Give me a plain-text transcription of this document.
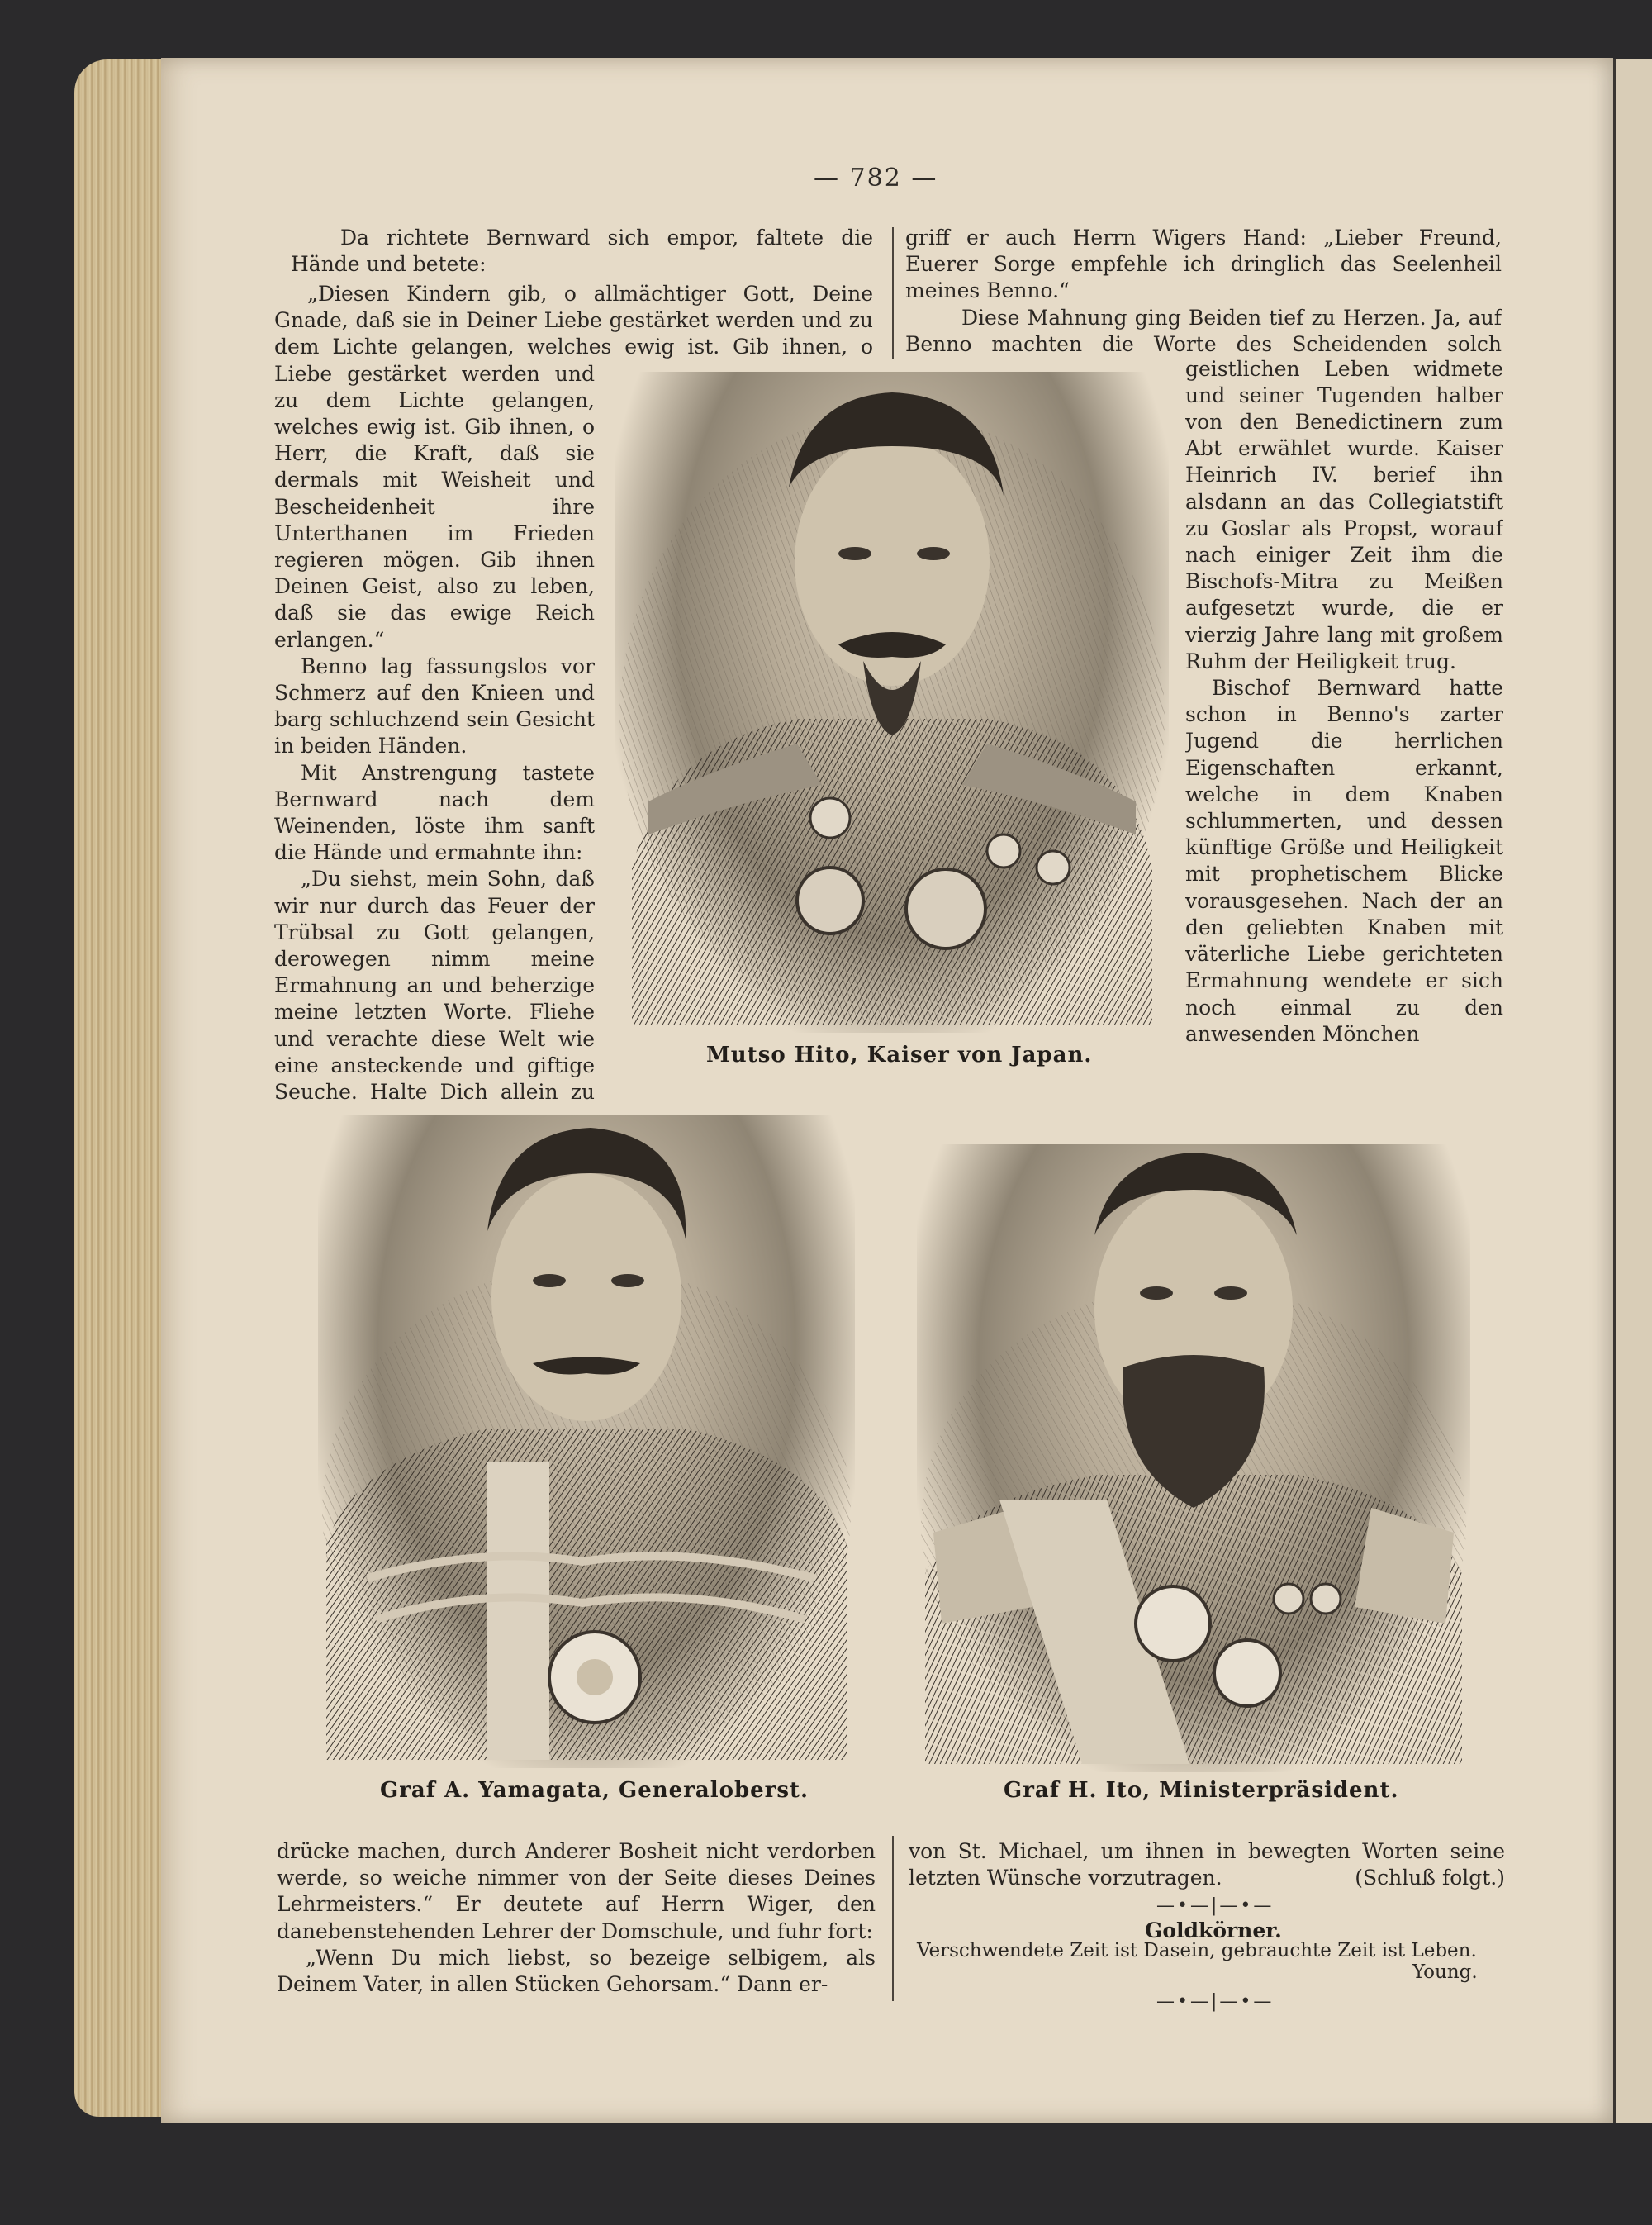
— 782 —

Da richtete Bernward sich empor, faltete die Hände und betete:

„Diesen Kindern gib, o allmächtiger Gott, Deine Gnade, daß sie in Deiner Liebe gestärket werden und zu dem Lichte gelangen, welches ewig ist. Gib ihnen, o

Liebe gestärket werden und zu dem Lichte gelangen, welches ewig ist. Gib ihnen, o Herr, die Kraft, daß sie dermals mit Weisheit und Bescheidenheit ihre Unterthanen im Frieden regieren mögen. Gib ihnen Deinen Geist, also zu leben, daß sie das ewige Reich erlangen.“

Benno lag fassungslos vor Schmerz auf den Knieen und barg schluchzend sein Gesicht in beiden Händen.

Mit Anstrengung tastete Bernward nach dem Weinenden, löste ihm sanft die Hände und ermahnte ihn:

„Du siehst, mein Sohn, daß wir nur durch das Feuer der Trübsal zu Gott gelangen, derowegen nimm meine Ermahnung an und beherzige meine letzten Worte. Fliehe und verachte diese Welt wie eine ansteckende und giftige Seuche. Halte Dich allein zu

griff er auch Herrn Wigers Hand: „Lieber Freund, Euerer Sorge empfehle ich dringlich das Seelenheil meines Benno.“

Diese Mahnung ging Beiden tief zu Herzen. Ja, auf Benno machten die Worte des Scheidenden solch

geistlichen Leben widmete und seiner Tugenden halber von den Benedictinern zum Abt erwählet wurde. Kaiser Heinrich IV. berief ihn alsdann an das Collegiatstift zu Goslar als Propst, worauf nach einiger Zeit ihm die Bischofs-Mitra zu Meißen aufgesetzt wurde, die er vierzig Jahre lang mit großem Ruhm der Heiligkeit trug.

Bischof Bernward hatte schon in Benno's zarter Jugend die herrlichen Eigenschaften erkannt, welche in dem Knaben schlummerten, und dessen künftige Größe und Heiligkeit mit prophetischem Blicke vorausgesehen. Nach der an den geliebten Knaben mit väterliche Liebe gerichteten Ermahnung wendete er sich noch einmal zu den anwesenden Mönchen

Mutso Hito, Kaiser von Japan.
Graf A. Yamagata, Generaloberst.	Graf H. Ito, Ministerpräsident.

drücke machen, durch Anderer Bosheit nicht verdorben werde, so weiche nimmer von der Seite dieses Deines Lehrmeisters.“ Er deutete auf Herrn Wiger, den danebenstehenden Lehrer der Domschule, und fuhr fort:

„Wenn Du mich liebst, so bezeige selbigem, als Deinem Vater, in allen Stücken Gehorsam.“ Dann er-

von St. Michael, um ihnen in bewegten Worten seine letzten Wünsche vorzutragen.	(Schluß folgt.)

—•—|—•—
Goldkörner.
Verschwendete Zeit ist Dasein, gebrauchte Zeit ist Leben.
Young.
—•—|—•—
